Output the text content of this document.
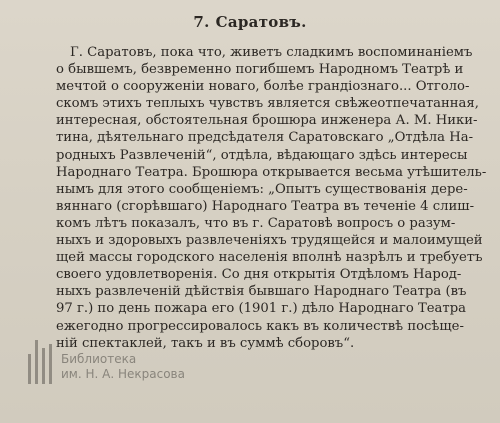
7. Саратовъ.
Г. Саратовъ, пока что, живетъ сладкимъ воспоминаніемъ
о бывшемъ, безвременно погибшемъ Народномъ Театрѣ и
мечтой о сооруженіи новаго, болѣе грандіознаго... Отголо-
скомъ этихъ теплыхъ чувствъ является свѣжеотпечатанная,
интересная, обстоятельная брошюра инженера А. М. Ники-
тина, дѣятельнаго предсѣдателя Саратовскаго „Отдѣла На-
родныхъ Развлеченій“, отдѣла, вѣдающаго здѣсь интересы
Народнаго Театра. Брошюра открывается весьма утѣшитель-
нымъ для этого сообщеніемъ: „Опытъ существованія дере-
вяннаго (сгорѣвшаго) Народнаго Театра въ теченіе 4 слиш-
комъ лѣтъ показалъ, что въ г. Саратовѣ вопросъ о разум-
ныхъ и здоровыхъ развлеченіяхъ трудящейся и малоимущей
щей массы городского населенія вполнѣ назрѣлъ и требуетъ
своего удовлетворенія. Со дня открытія Отдѣломъ Народ-
ныхъ развлеченій дѣйствія бывшаго Народнаго Театра (въ
97 г.) по день пожара его (1901 г.) дѣло Народнаго Театра
ежегодно прогрессировалось какъ въ количествѣ посѣще-
ній спектаклей, такъ и въ суммѣ сборовъ“.
Библиотека
им. Н. А. Некрасова
